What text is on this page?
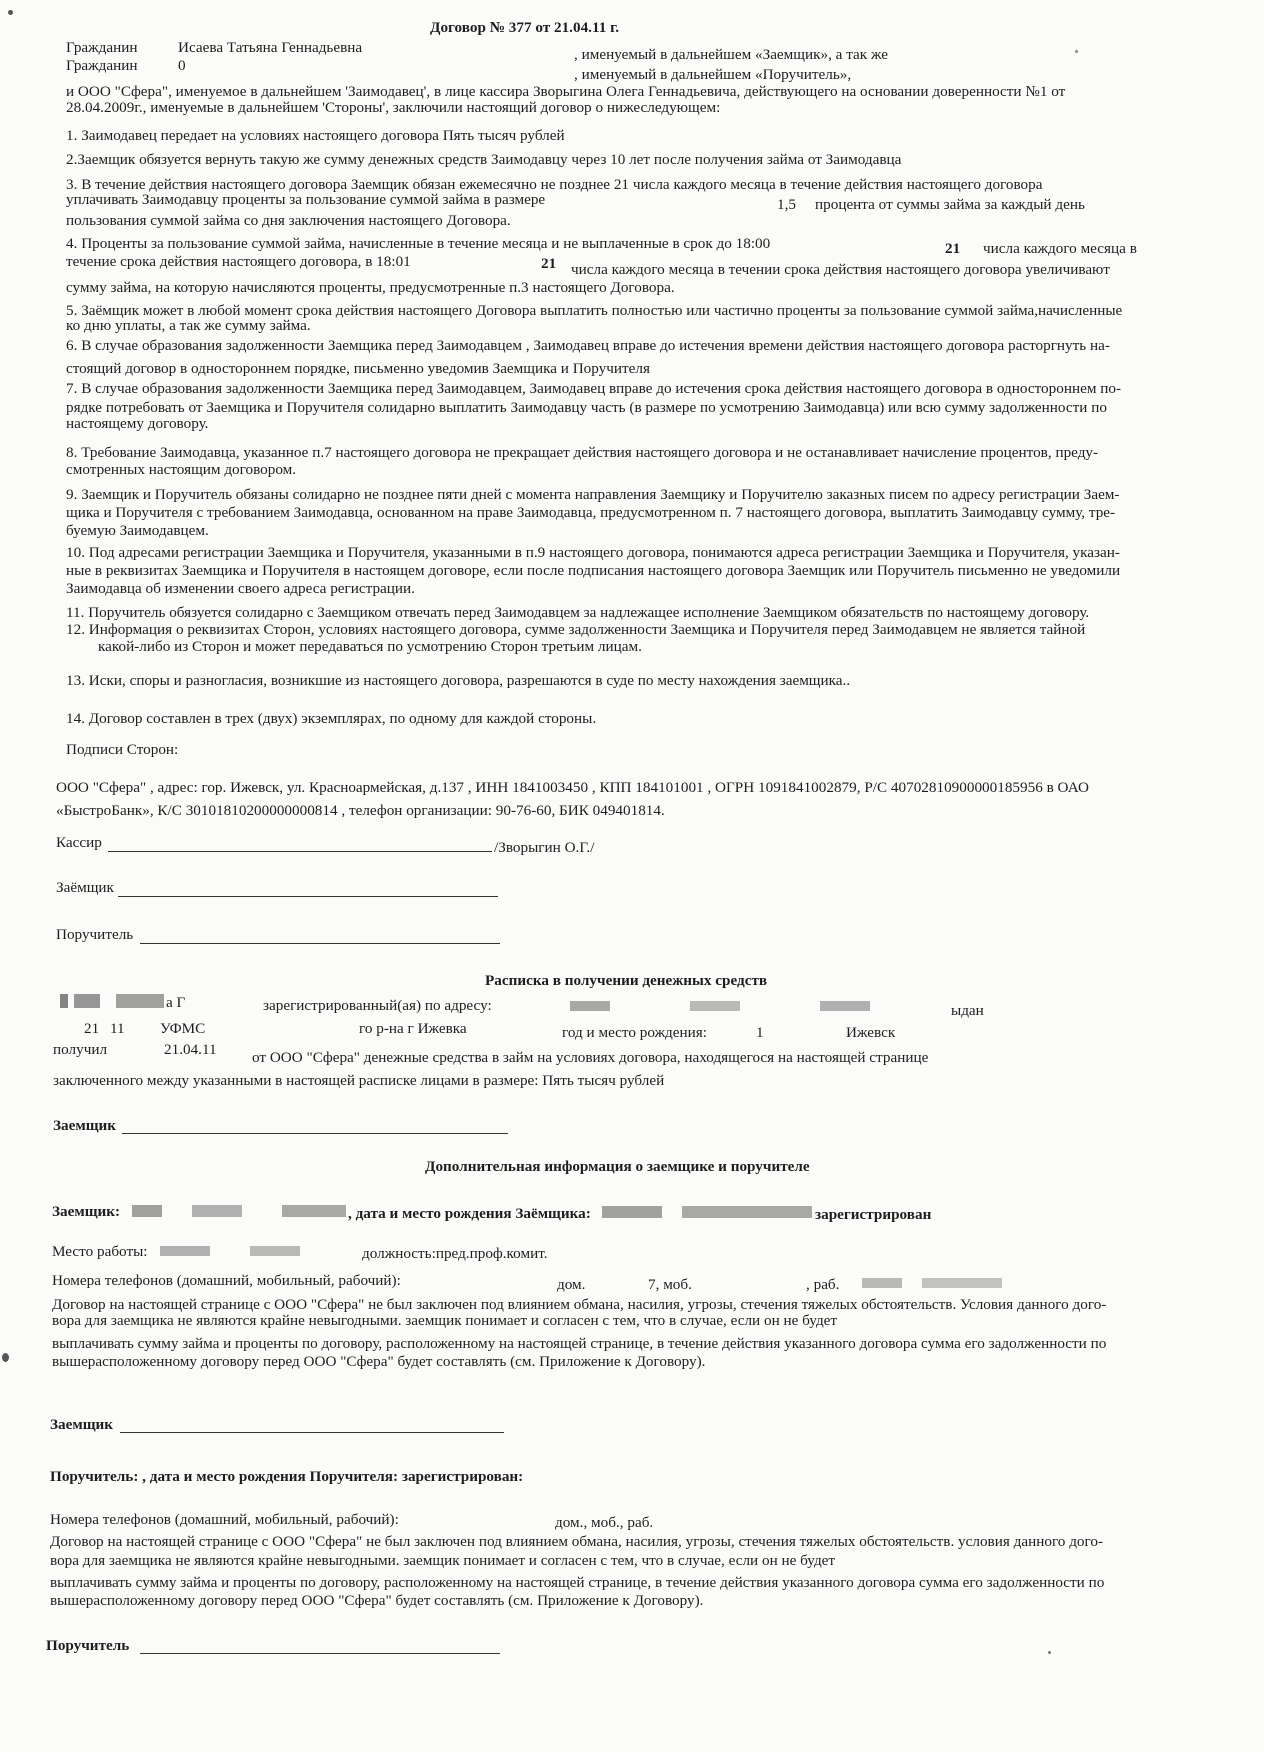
Договор № 377 от 21.04.11 г.
Гражданин	Исаева Татьяна Геннадьевна	, именуемый в дальнейшем «Заемщик», а так же
Гражданин	0
, именуемый в дальнейшем «Поручитель»,
и ООО "Сфера", именуемое в дальнейшем 'Заимодавец', в лице кассира Зворыгина Олега Геннадьевича, действующего на основании доверенности №1 от
28.04.2009г., именуемые в дальнейшем 'Стороны', заключили настоящий договор о нижеследующем:
1. Заимодавец передает на условиях настоящего договора Пять тысяч рублей
2.Заемщик обязуется вернуть такую же сумму денежных средств Заимодавцу через 10 лет после получения займа от Заимодавца
3. В течение действия настоящего договора Заемщик обязан ежемесячно не позднее 21 числа каждого месяца в течение действия настоящего договора
уплачивать Заимодавцу проценты за пользование суммой займа в размере	1,5 процента от суммы займа за каждый день
пользования суммой займа со дня заключения настоящего Договора.
4. Проценты за пользование суммой займа, начисленные в течение месяца и не выплаченные в срок до 18:00	21 числа каждого месяца в
течение срока действия настоящего договора, в 18:01	21 числа каждого месяца в течении срока действия настоящего договора увеличивают
сумму займа, на которую начисляются проценты, предусмотренные п.3 настоящего Договора.
5. Заёмщик может в любой момент срока действия настоящего Договора выплатить полностью или частично проценты за пользование суммой займа,начисленные
ко дню уплаты, а так же сумму займа.
6. В случае образования задолженности Заемщика перед Заимодавцем , Заимодавец вправе до истечения времени действия настоящего договора расторгнуть на-
стоящий договор в одностороннем порядке, письменно уведомив Заемщика и Поручителя
7. В случае образования задолженности Заемщика перед Заимодавцем, Заимодавец вправе до истечения срока действия настоящего договора в одностороннем по-
рядке потребовать от Заемщика и Поручителя солидарно выплатить Заимодавцу часть (в размере по усмотрению Заимодавца) или всю сумму задолженности по
настоящему договору.
8. Требование Заимодавца, указанное п.7 настоящего договора не прекращает действия настоящего договора и не останавливает начисление процентов, преду-
смотренных настоящим договором.
9. Заемщик и Поручитель обязаны солидарно не позднее пяти дней с момента направления Заемщику и Поручителю заказных писем по адресу регистрации Заем-
щика и Поручителя с требованием Заимодавца, основанном на праве Заимодавца, предусмотренном п. 7 настоящего договора, выплатить Заимодавцу сумму, тре-
буемую Заимодавцем.
10. Под адресами регистрации Заемщика и Поручителя, указанными в п.9 настоящего договора, понимаются адреса регистрации Заемщика и Поручителя, указан-
ные в реквизитах Заемщика и Поручителя в настоящем договоре, если после подписания настоящего договора Заемщик или Поручитель письменно не уведомили
Заимодавца об изменении своего адреса регистрации.
11. Поручитель обязуется солидарно с Заемщиком отвечать перед Заимодавцем за надлежащее исполнение Заемщиком обязательств по настоящему договору.
12. Информация о реквизитах Сторон, условиях настоящего договора, сумме задолженности Заемщика и Поручителя перед Заимодавцем не является тайной
какой-либо из Сторон и может передаваться по усмотрению Сторон третьим лицам.
13. Иски, споры и разногласия, возникшие из настоящего договора, разрешаются в суде по месту нахождения заемщика..
14. Договор составлен в трех (двух) экземплярах, по одному для каждой стороны.
Подписи Сторон:
ООО "Сфера" , адрес: гор. Ижевск, ул. Красноармейская, д.137 , ИНН 1841003450 , КПП 184101001 , ОГРН 1091841002879, Р/С 40702810900000185956 в ОАО
«БыстроБанк», К/С 30101810200000000814 , телефон организации: 90-76-60, БИК 049401814.
Кассир	/Зворыгин О.Г./
Заёмщик
Поручитель
Расписка в получении денежных средств
а Г	зарегистрированный(ая) по адресу:	ыдан
21 11 УФМС	го р-на г Ижевка	год и место рождения:	1	Ижевск
получил	21.04.11 от ООО "Сфера" денежные средства в займ на условиях договора, находящегося на настоящей странице
заключенного между указанными в настоящей расписке лицами в размере: Пять тысяч рублей
Заемщик
Дополнительная информация о заемщике и поручителе
Заемщик:	, дата и место рождения Заёмщика:	зарегистрирован
Место работы:	должность:пред.проф.комит.
Номера телефонов (домашний, мобильный, рабочий):	дом.	7, моб.	, раб.
Договор на настоящей странице с ООО "Сфера" не был заключен под влиянием обмана, насилия, угрозы, стечения тяжелых обстоятельств. Условия данного дого-
вора для заемщика не являются крайне невыгодными. заемщик понимает и согласен с тем, что в случае, если он не будет
выплачивать сумму займа и проценты по договору, расположенному на настоящей странице, в течение действия указанного договора сумма его задолженности по
вышерасположенному договору перед ООО "Сфера" будет составлять (см. Приложение к Договору).
Заемщик
Поручитель: , дата и место рождения Поручителя: зарегистрирован:
Номера телефонов (домашний, мобильный, рабочий):	дом., моб., раб.
Договор на настоящей странице с ООО "Сфера" не был заключен под влиянием обмана, насилия, угрозы, стечения тяжелых обстоятельств. условия данного дого-
вора для заемщика не являются крайне невыгодными. заемщик понимает и согласен с тем, что в случае, если он не будет
выплачивать сумму займа и проценты по договору, расположенному на настоящей странице, в течение действия указанного договора сумма его задолженности по
вышерасположенному договору перед ООО "Сфера" будет составлять (см. Приложение к Договору).
Поручитель
